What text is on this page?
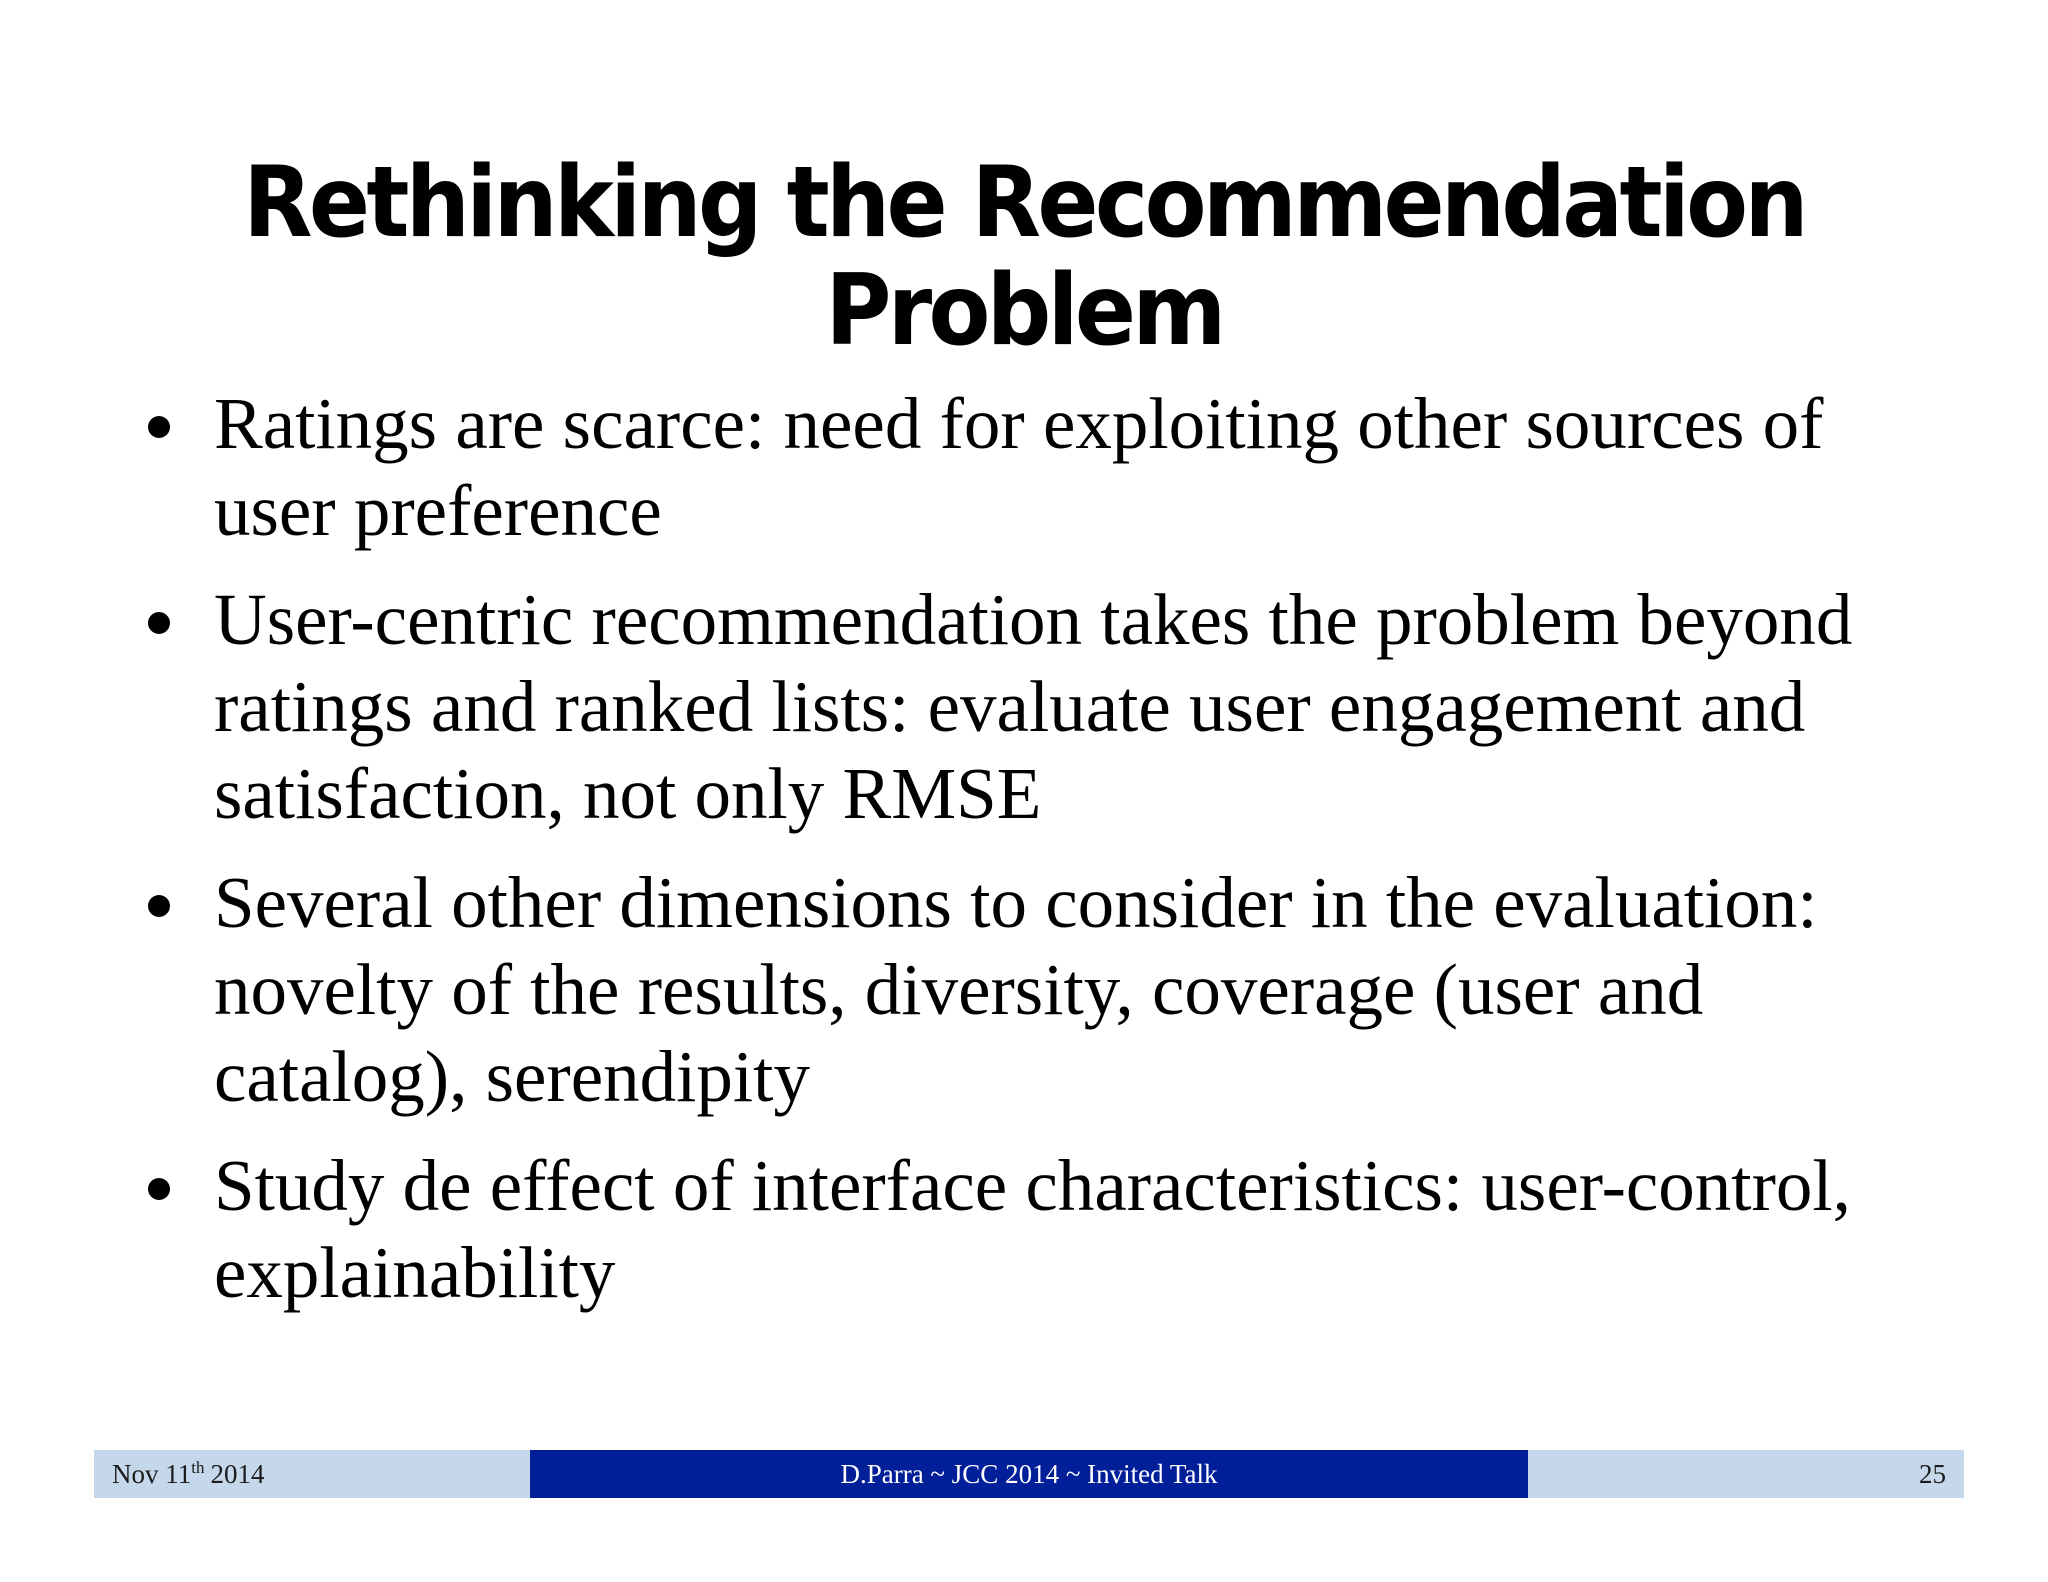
Rethinking the Recommendation Problem
Ratings are scarce: need for exploiting other sources of user preference
User-centric recommendation takes the problem beyond ratings and ranked lists: evaluate user engagement and satisfaction, not only RMSE
Several other dimensions to consider in the evaluation: novelty of the results, diversity, coverage (user and catalog), serendipity
Study de effect of interface characteristics: user-control, explainability
Nov 11th 2014	D.Parra ~ JCC 2014 ~ Invited Talk	25
